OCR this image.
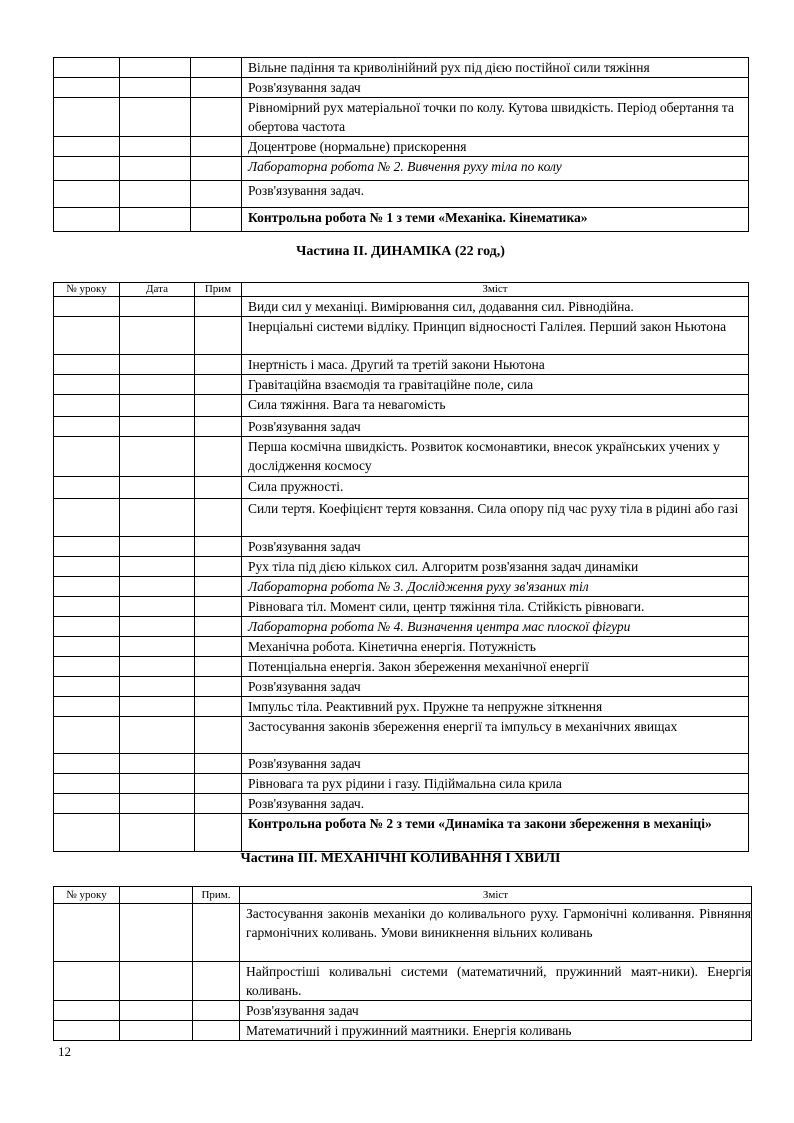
			Вільне падіння та криволінійний рух під дією постійної сили тяжіння
			Розв'язування задач
			Рівномірний рух матеріальної точки по колу. Кутова швидкість. Період обертання та обертова частота
			Доцентрове (нормальне) прискорення
			Лабораторна робота № 2. Вивчення руху тіла по колу
			Розв'язування задач.
			Контрольна робота № 1 з теми «Механіка. Кінематика»
Частина ІІ. ДИНАМІКА (22 год,)
№ уроку	Дата	Прим	Зміст
			Види сил у механіці. Вимірювання сил, додавання сил. Рівнодійна.
			Інерціальні системи відліку. Принцип відносності Галілея. Перший закон Ньютона
			Інертність і маса. Другий та третій закони Ньютона
			Гравітаційна взаємодія та гравітаційне поле, сила
			Сила тяжіння. Вага та невагомість
			Розв'язування задач
			Перша космічна швидкість. Розвиток космонавтики, внесок українських учених у дослідження космосу
			Сила пружності.
			Сили тертя. Коефіцієнт тертя ковзання. Сила опору під час руху тіла в рідині або газі
			Розв'язування задач
			Рух тіла під дією кількох сил. Алгоритм розв'язання задач динаміки
			Лабораторна робота № 3. Дослідження руху зв'язаних тіл
			Рівновага тіл. Момент сили, центр тяжіння тіла. Стійкість рівноваги.
			Лабораторна робота № 4. Визначення центра мас плоскої фігури
			Механічна робота. Кінетична енергія. Потужність
			Потенціальна енергія. Закон збереження механічної енергії
			Розв'язування задач
			Імпульс тіла. Реактивний рух. Пружне та непружне зіткнення
			Застосування законів збереження енергії та імпульсу в механічних явищах
			Розв'язування задач
			Рівновага та рух рідини і газу. Підіймальна сила крила
			Розв'язування задач.
			Контрольна робота № 2 з теми «Динаміка та закони збереження в механіці»
Частина ІІІ. МЕХАНІЧНІ КОЛИВАННЯ І ХВИЛІ
№ уроку		Прим.	Зміст
			Застосування законів механіки до коливального руху. Гармонічні коливання. Рівняння гармонічних коливань. Умови виникнення вільних коливань
			Найпростіші коливальні системи (математичний, пружинний маят-ники). Енергія коливань.
			Розв'язування задач
			Математичний і пружинний маятники. Енергія коливань
12
